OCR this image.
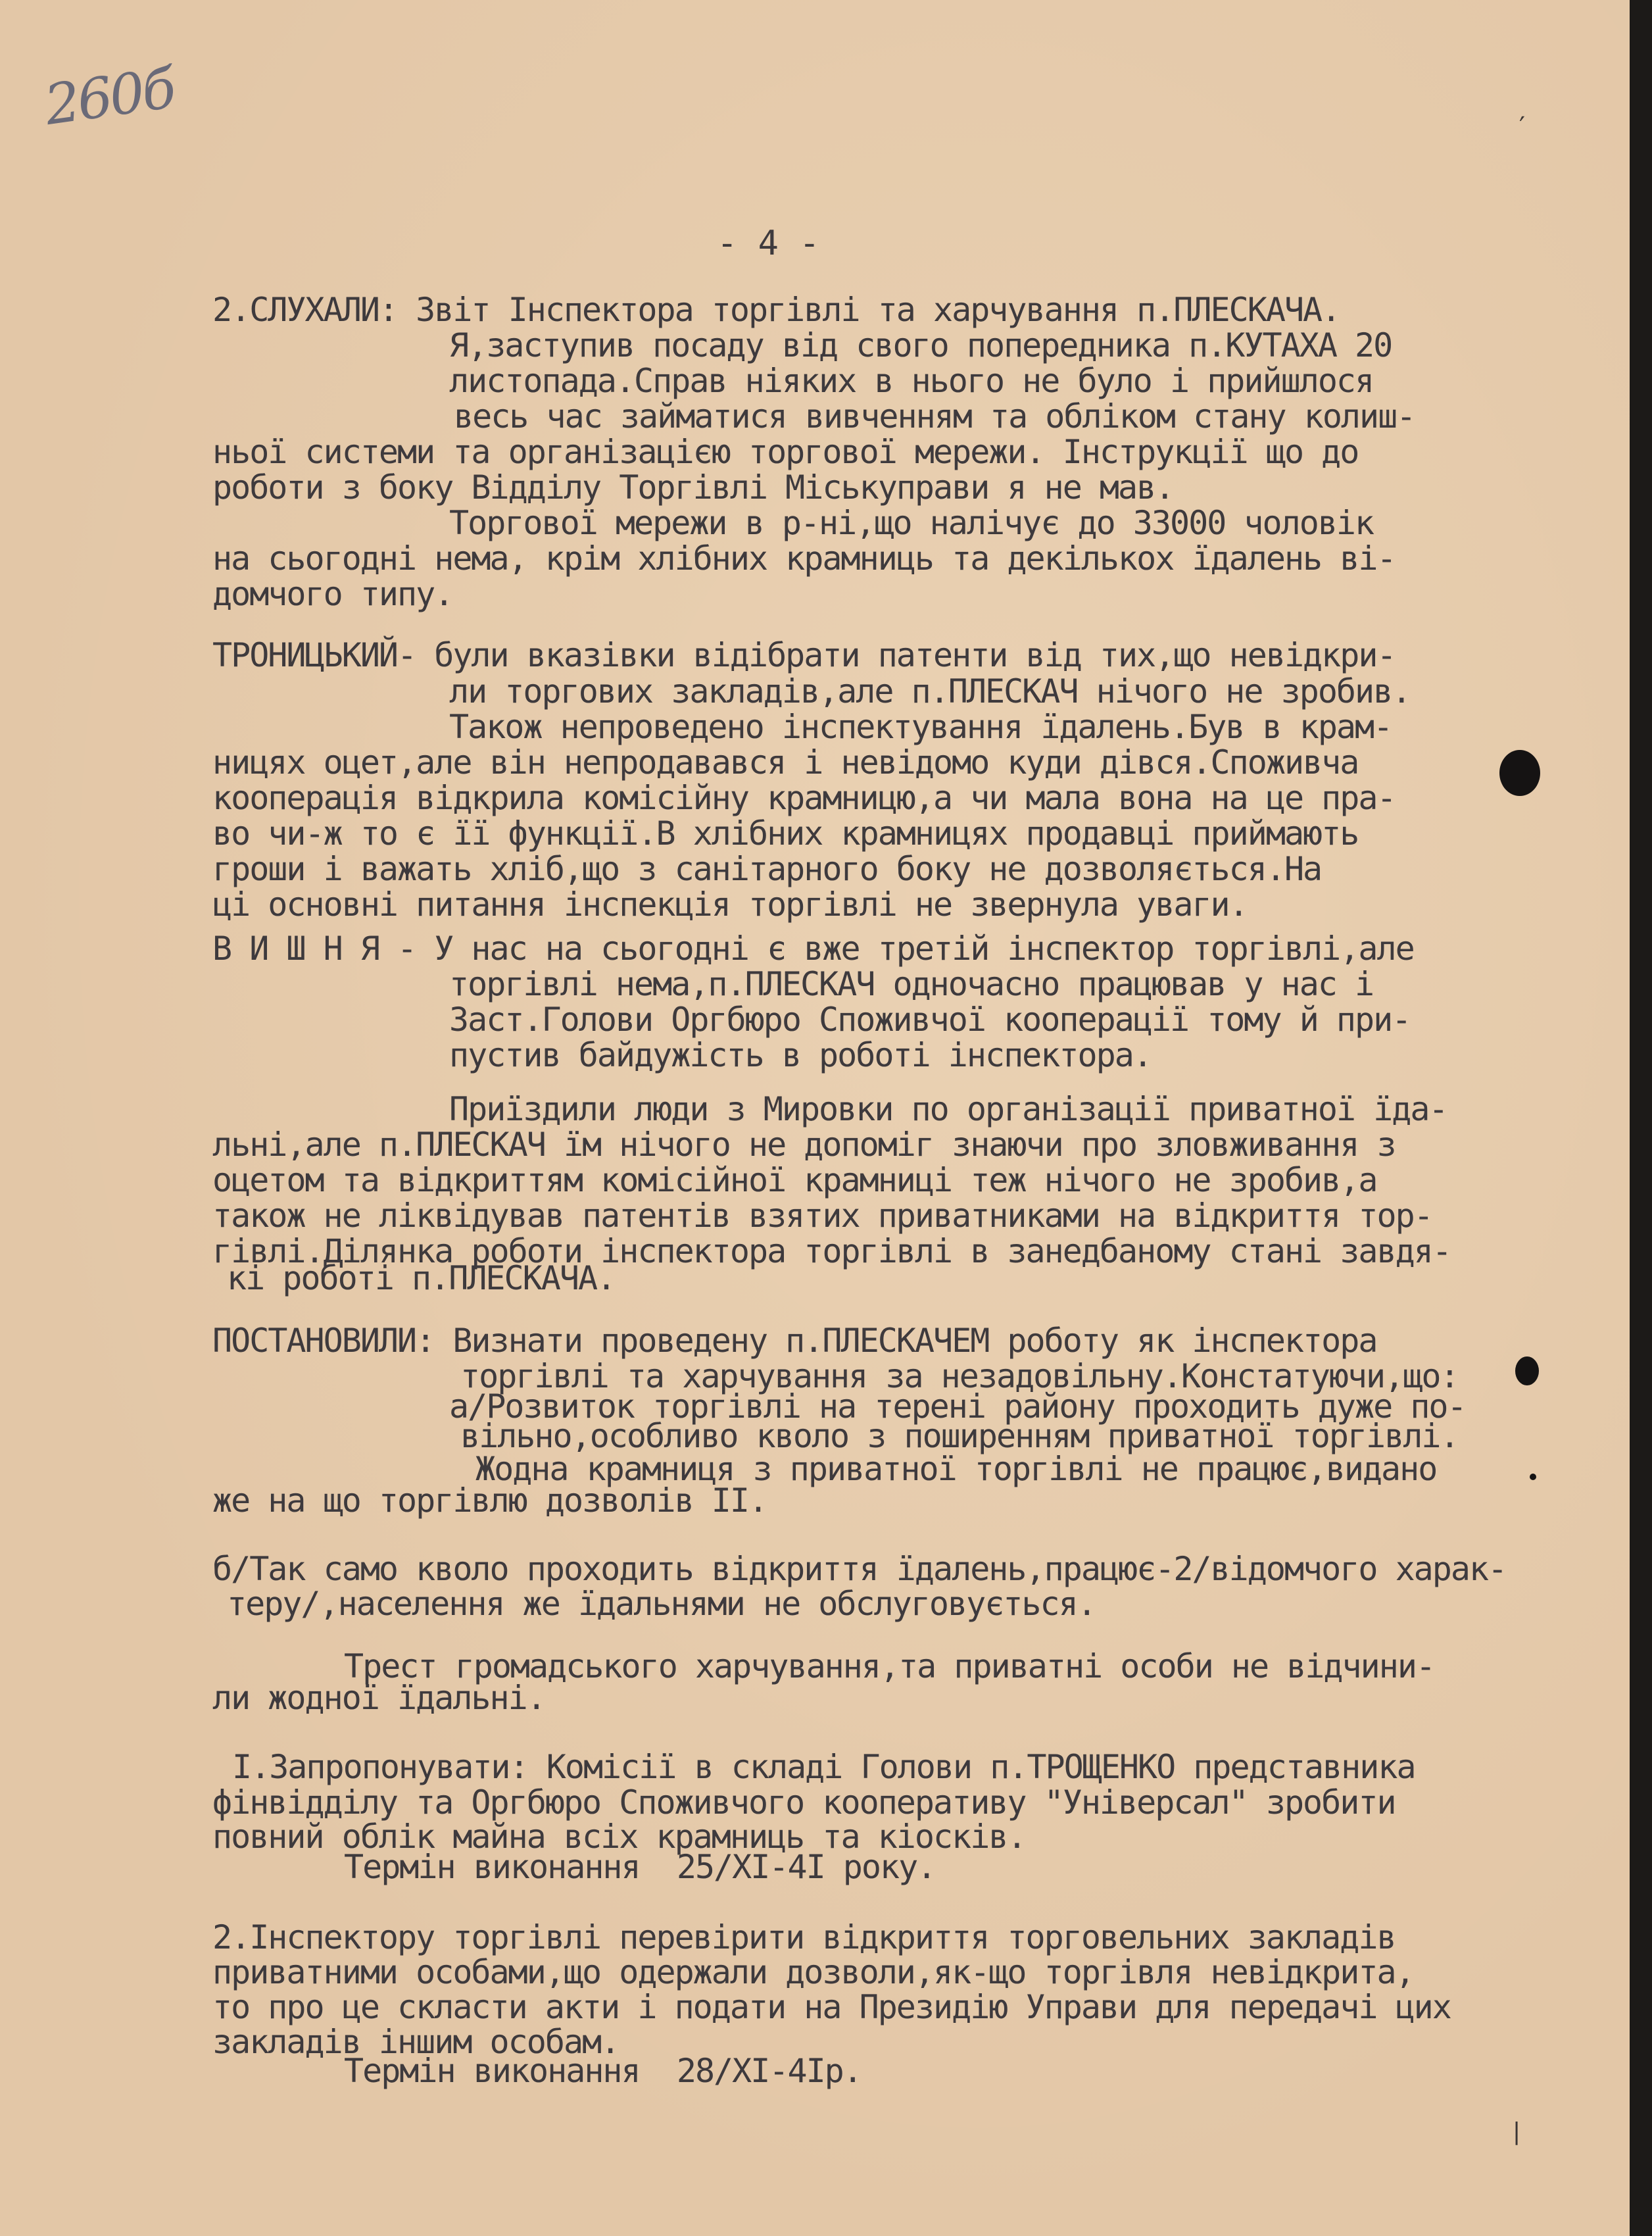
260б	′
- 4 -

2.СЛУХАЛИ: Звіт Інспектора торгівлі та харчування п.ПЛЕСКАЧА.

Я,заступив посаду від свого попередника п.КУТАХА 20

листопада.Справ ніяких в нього не було і прийшлося

весь час займатися вивченням та обліком стану колиш-

ньої системи та організацією торгової мережи. Інструкції що до

роботи з боку Відділу Торгівлі Міськуправи я не мав.

Торгової мережи в р-ні,що налічує до 33000 чоловік

на сьогодні нема, крім хлібних крамниць та декількох їдалень ві-

домчого типу.

ТРОНИЦЬКИЙ- були вказівки відібрати патенти від тих,що невідкри-

ли торгових закладів,але п.ПЛЕСКАЧ нічого не зробив.

Також непроведено інспектування їдалень.Був в крам-

ницях оцет,але він непродавався і невідомо куди дівся.Споживча

кооперація відкрила комісійну крамницю,а чи мала вона на це пра-

во чи-ж то є її функції.В хлібних крамницях продавці приймають

гроши і важать хліб,що з санітарного боку не дозволяється.На

ці основні питання інспекція торгівлі не звернула уваги.

В И Ш Н Я - У нас на сьогодні є вже третій інспектор торгівлі,але

торгівлі нема,п.ПЛЕСКАЧ одночасно працював у нас і

Заст.Голови Оргбюро Споживчої кооперації тому й при-

пустив байдужість в роботі інспектора.

Приїздили люди з Мировки по організації приватної їда-

льні,але п.ПЛЕСКАЧ їм нічого не допоміг знаючи про зловживання з

оцетом та відкриттям комісійної крамниці теж нічого не зробив,а

також не ліквідував патентів взятих приватниками на відкриття тор-

гівлі.Ділянка роботи інспектора торгівлі в занедбаному стані завдя-

кі роботі п.ПЛЕСКАЧА.

ПОСТАНОВИЛИ: Визнати проведену п.ПЛЕСКАЧЕМ роботу як інспектора

торгівлі та харчування за незадовільну.Констатуючи,що:

а/Розвиток торгівлі на терені району проходить дуже по-

вільно,особливо кволо з поширенням приватної торгівлі.

Жодна крамниця з приватної торгівлі не працює,видано

же на що торгівлю дозволів II.

б/Так само кволо проходить відкриття їдалень,працює-2/відомчого харак-

теру/,населення же їдальнями не обслуговується.

Трест громадського харчування,та приватні особи не відчини-

ли жодної їдальні.

І.Запропонувати: Комісії в складі Голови п.ТРОЩЕНКО представника

фінвідділу та Оргбюро Споживчого кооперативу "Універсал" зробити

повний облік майна всіх крамниць та кіосків.

Термін виконання  25/ХІ-4І року.

2.Інспектору торгівлі перевірити відкриття торговельних закладів

приватними особами,що одержали дозволи,як-що торгівля невідкрита,

то про це скласти акти і подати на Президію Управи для передачі цих

закладів іншим особам.

Термін виконання  28/ХІ-4Ір.

|
